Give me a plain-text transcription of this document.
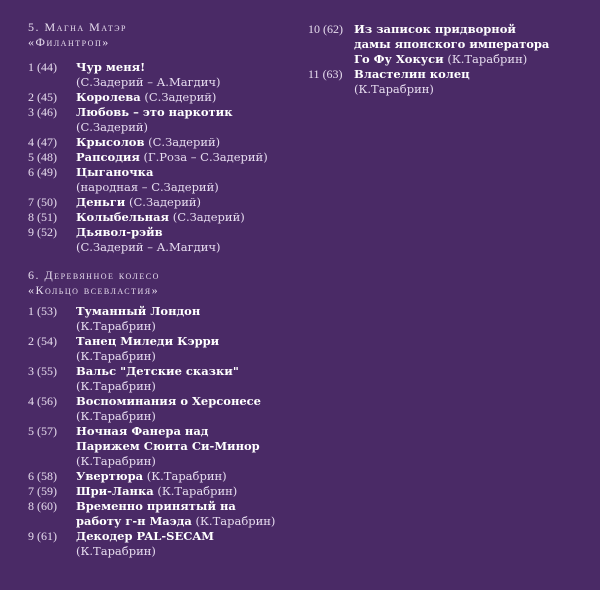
5. Магна Матэр
«Филантроп»
1 (44) Чур меня!
(С.Задерий – А.Магдич)
2 (45) Королева (С.Задерий)
3 (46) Любовь – это наркотик
(С.Задерий)
4 (47) Крысолов (С.Задерий)
5 (48) Рапсодия (Г.Роза – С.Задерий)
6 (49) Цыганочка
(народная – С.Задерий)
7 (50) Деньги (С.Задерий)
8 (51) Колыбельная (С.Задерий)
9 (52) Дьявол-рэйв
(С.Задерий – А.Магдич)
6. Деревянное колесо
«Кольцо всевластия»
1 (53) Туманный Лондон
(К.Тарабрин)
2 (54) Танец Миледи Кэрри
(К.Тарабрин)
3 (55) Вальс "Детские сказки"
(К.Тарабрин)
4 (56) Воспоминания о Херсонесе
(К.Тарабрин)
5 (57) Ночная Фанера над
Парижем Сюита Си-Минор
(К.Тарабрин)
6 (58) Увертюра (К.Тарабрин)
7 (59) Шри-Ланка (К.Тарабрин)
8 (60) Временно принятый на
работу г-н Маэда (К.Тарабрин)
9 (61) Декодер PAL-SECAM
(К.Тарабрин)
10 (62) Из записок придворной
дамы японского императора
Го Фу Хокуси (К.Тарабрин)
11 (63) Властелин колец
(К.Тарабрин)
